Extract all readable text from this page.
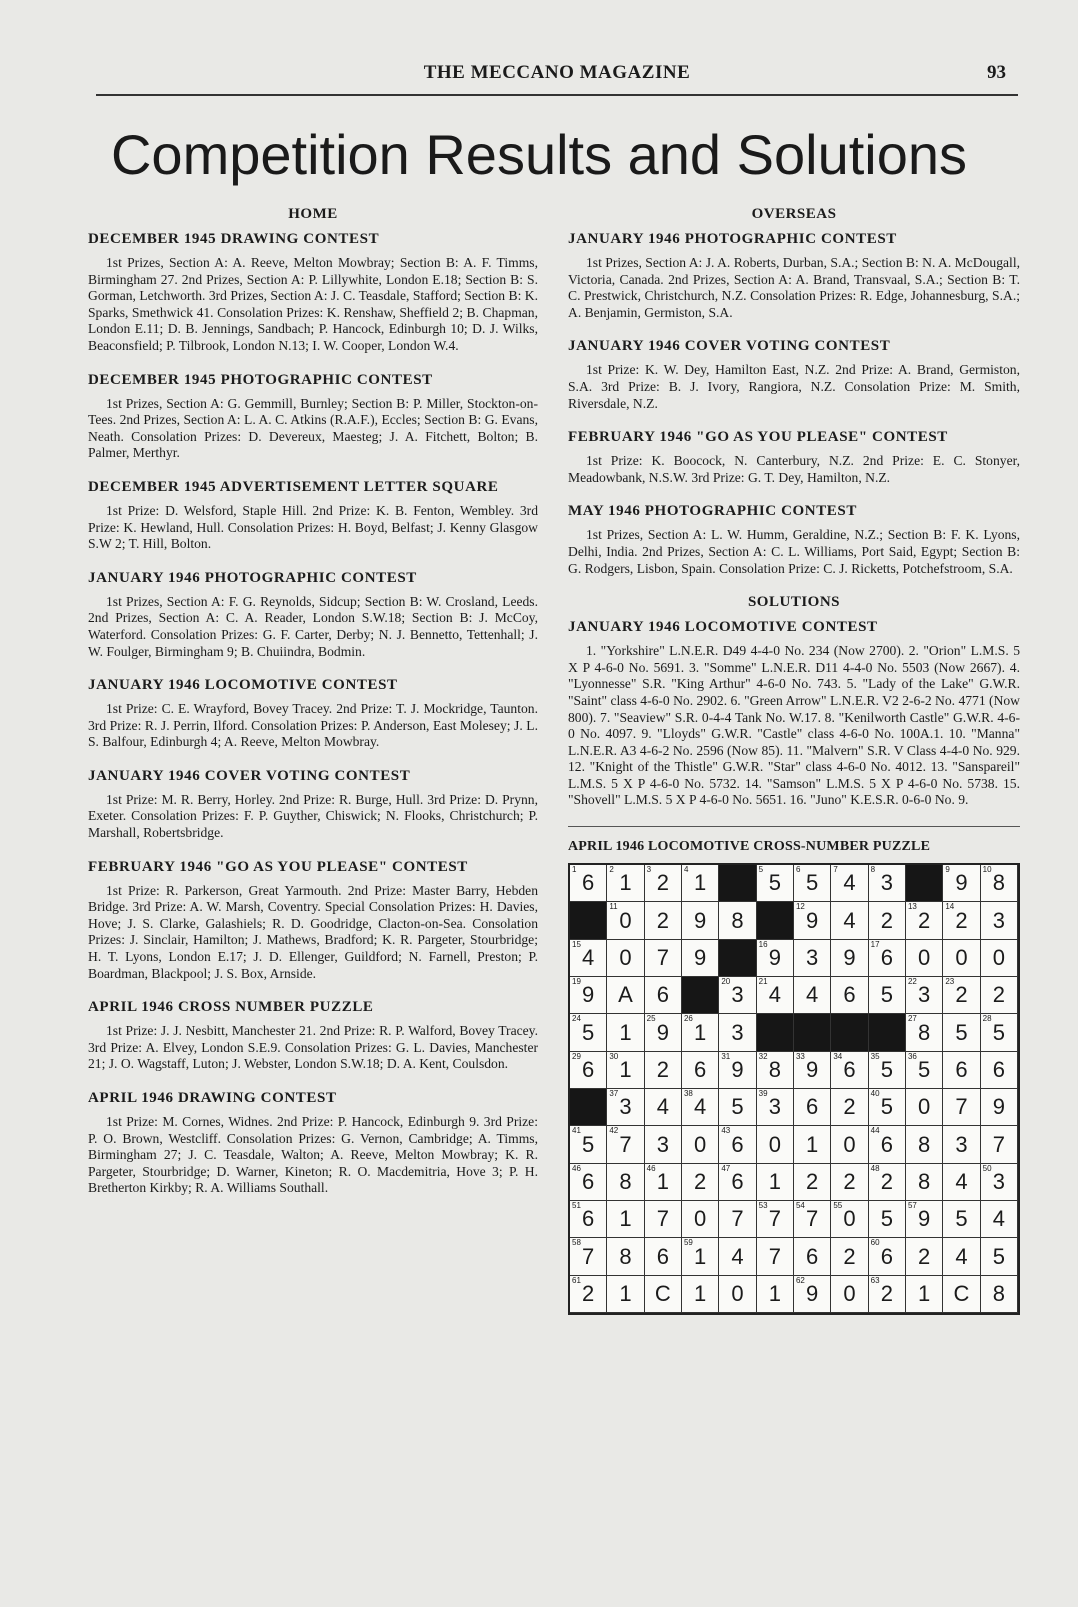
THE MECCANO MAGAZINE	93
Competition Results and Solutions
HOME
DECEMBER 1945 DRAWING CONTEST

1st Prizes, Section A: A. Reeve, Melton Mowbray; Section B: A. F. Timms, Birmingham 27. 2nd Prizes, Section A: P. Lillywhite, London E.18; Section B: S. Gorman, Letchworth. 3rd Prizes, Section A: J. C. Teasdale, Stafford; Section B: K. Sparks, Smethwick 41. Consolation Prizes: K. Renshaw, Sheffield 2; B. Chapman, London E.11; D. B. Jennings, Sandbach; P. Hancock, Edinburgh 10; D. J. Wilks, Beaconsfield; P. Tilbrook, London N.13; I. W. Cooper, London W.4.

DECEMBER 1945 PHOTOGRAPHIC CONTEST

1st Prizes, Section A: G. Gemmill, Burnley; Section B: P. Miller, Stockton-on-Tees. 2nd Prizes, Section A: L. A. C. Atkins (R.A.F.), Eccles; Section B: G. Evans, Neath. Consolation Prizes: D. Devereux, Maesteg; J. A. Fitchett, Bolton; B. Palmer, Merthyr.

DECEMBER 1945 ADVERTISEMENT LETTER SQUARE

1st Prize: D. Welsford, Staple Hill. 2nd Prize: K. B. Fenton, Wembley. 3rd Prize: K. Hewland, Hull. Consolation Prizes: H. Boyd, Belfast; J. Kenny Glasgow S.W 2; T. Hill, Bolton.

JANUARY 1946 PHOTOGRAPHIC CONTEST

1st Prizes, Section A: F. G. Reynolds, Sidcup; Section B: W. Crosland, Leeds. 2nd Prizes, Section A: C. A. Reader, London S.W.18; Section B: J. McCoy, Waterford. Consolation Prizes: G. F. Carter, Derby; N. J. Bennetto, Tettenhall; J. W. Foulger, Birmingham 9; B. Chuiindra, Bodmin.

JANUARY 1946 LOCOMOTIVE CONTEST

1st Prize: C. E. Wrayford, Bovey Tracey. 2nd Prize: T. J. Mockridge, Taunton. 3rd Prize: R. J. Perrin, Ilford. Consolation Prizes: P. Anderson, East Molesey; J. L. S. Balfour, Edinburgh 4; A. Reeve, Melton Mowbray.

JANUARY 1946 COVER VOTING CONTEST

1st Prize: M. R. Berry, Horley. 2nd Prize: R. Burge, Hull. 3rd Prize: D. Prynn, Exeter. Consolation Prizes: F. P. Guyther, Chiswick; N. Flooks, Christchurch; P. Marshall, Robertsbridge.

FEBRUARY 1946 "GO AS YOU PLEASE" CONTEST

1st Prize: R. Parkerson, Great Yarmouth. 2nd Prize: Master Barry, Hebden Bridge. 3rd Prize: A. W. Marsh, Coventry. Special Consolation Prizes: H. Davies, Hove; J. S. Clarke, Galashiels; R. D. Goodridge, Clacton-on-Sea. Consolation Prizes: J. Sinclair, Hamilton; J. Mathews, Bradford; K. R. Pargeter, Stourbridge; H. T. Lyons, London E.17; J. D. Ellenger, Guildford; N. Farnell, Preston; P. Boardman, Blackpool; J. S. Box, Arnside.

APRIL 1946 CROSS NUMBER PUZZLE

1st Prize: J. J. Nesbitt, Manchester 21. 2nd Prize: R. P. Walford, Bovey Tracey. 3rd Prize: A. Elvey, London S.E.9. Consolation Prizes: G. L. Davies, Manchester 21; J. O. Wagstaff, Luton; J. Webster, London S.W.18; D. A. Kent, Coulsdon.

APRIL 1946 DRAWING CONTEST

1st Prize: M. Cornes, Widnes. 2nd Prize: P. Hancock, Edinburgh 9. 3rd Prize: P. O. Brown, Westcliff. Consolation Prizes: G. Vernon, Cambridge; A. Timms, Birmingham 27; J. C. Teasdale, Walton; A. Reeve, Melton Mowbray; K. R. Pargeter, Stourbridge; D. Warner, Kineton; R. O. Macdemitria, Hove 3; P. H. Bretherton Kirkby; R. A. Williams Southall.

OVERSEAS
JANUARY 1946 PHOTOGRAPHIC CONTEST

1st Prizes, Section A: J. A. Roberts, Durban, S.A.; Section B: N. A. McDougall, Victoria, Canada. 2nd Prizes, Section A: A. Brand, Transvaal, S.A.; Section B: T. C. Prestwick, Christchurch, N.Z. Consolation Prizes: R. Edge, Johannesburg, S.A.; A. Benjamin, Germiston, S.A.

JANUARY 1946 COVER VOTING CONTEST

1st Prize: K. W. Dey, Hamilton East, N.Z. 2nd Prize: A. Brand, Germiston, S.A. 3rd Prize: B. J. Ivory, Rangiora, N.Z. Consolation Prize: M. Smith, Riversdale, N.Z.

FEBRUARY 1946 "GO AS YOU PLEASE" CONTEST

1st Prize: K. Boocock, N. Canterbury, N.Z. 2nd Prize: E. C. Stonyer, Meadowbank, N.S.W. 3rd Prize: G. T. Dey, Hamilton, N.Z.

MAY 1946 PHOTOGRAPHIC CONTEST

1st Prizes, Section A: L. W. Humm, Geraldine, N.Z.; Section B: F. K. Lyons, Delhi, India. 2nd Prizes, Section A: C. L. Williams, Port Said, Egypt; Section B: G. Rodgers, Lisbon, Spain. Consolation Prize: C. J. Ricketts, Potchefstroom, S.A.

SOLUTIONS
JANUARY 1946 LOCOMOTIVE CONTEST

1. "Yorkshire" L.N.E.R. D49 4-4-0 No. 234 (Now 2700). 2. "Orion" L.M.S. 5 X P 4-6-0 No. 5691. 3. "Somme" L.N.E.R. D11 4-4-0 No. 5503 (Now 2667). 4. "Lyonnesse" S.R. "King Arthur" 4-6-0 No. 743. 5. "Lady of the Lake" G.W.R. "Saint" class 4-6-0 No. 2902. 6. "Green Arrow" L.N.E.R. V2 2-6-2 No. 4771 (Now 800). 7. "Seaview" S.R. 0-4-4 Tank No. W.17. 8. "Kenilworth Castle" G.W.R. 4-6-0 No. 4097. 9. "Lloyds" G.W.R. "Castle" class 4-6-0 No. 100A.1. 10. "Manna" L.N.E.R. A3 4-6-2 No. 2596 (Now 85). 11. "Malvern" S.R. V Class 4-4-0 No. 929. 12. "Knight of the Thistle" G.W.R. "Star" class 4-6-0 No. 4012. 13. "Sanspareil" L.M.S. 5 X P 4-6-0 No. 5732. 14. "Samson" L.M.S. 5 X P 4-6-0 No. 5738. 15. "Shovell" L.M.S. 5 X P 4-6-0 No. 5651. 16. "Juno" K.E.S.R. 0-6-0 No. 9.

APRIL 1946 LOCOMOTIVE CROSS-NUMBER PUZZLE
1
6
2
1
3
2
4
1
5
5
6
5
7
4
8
3
9
9
10
8
11
0 2 9 8
12
9 4 2
13
2
14
2 3
15
4 0 7 9
16
9 3 9
17
6 0 0 0
19
9 A 6
20
3
21
4 4 6 5
22
3
23
2 2
24
5 1
25
9
26
1 3
27
8 5
28
5
29
6
30
1 2 6
31
9
32
8
33
9
34
6
35
5
36
5 6 6
37
3 4
38
4 5
39
3 6 2
40
5 0 7 9
41
5
42
7 3 0
43
6 0 1 0
44
6 8 3 7
46
6 8
46
1 2
47
6 1 2 2
48
2 8 4
50
3
51
6 1 7 0 7
53
7
54
7
55
0 5
57
9 5 4
58
7 8 6
59
1 4 7 6 2
60
6 2 4 5
61
2 1 C 1 0 1
62
9 0
63
2 1 C 8
